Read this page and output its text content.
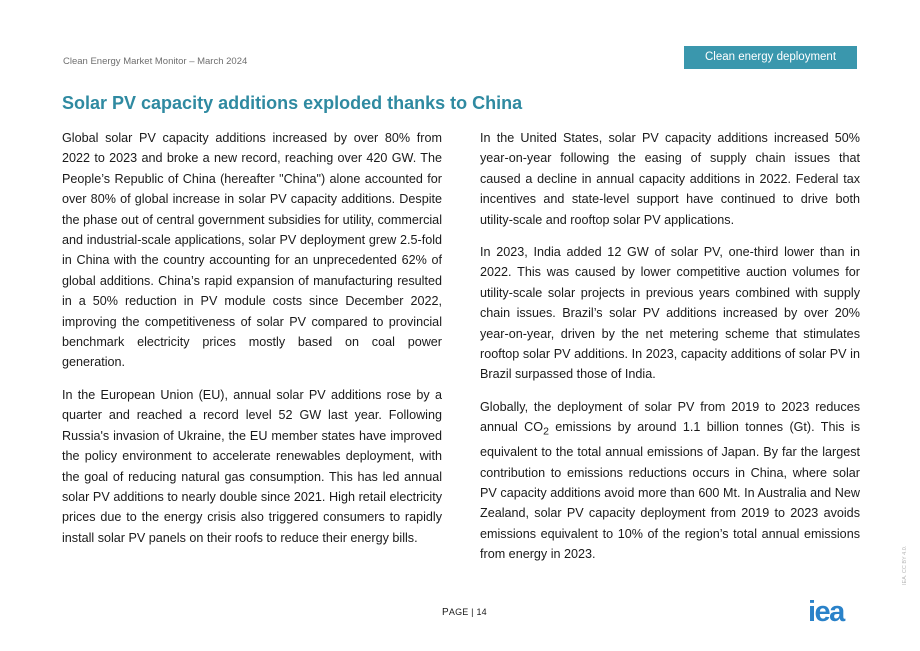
Clean Energy Market Monitor – March 2024	Clean energy deployment
Solar PV capacity additions exploded thanks to China

Global solar PV capacity additions increased by over 80% from 2022 to 2023 and broke a new record, reaching over 420 GW. The People’s Republic of China (hereafter "China") alone accounted for over 80% of global increase in solar PV capacity additions. Despite the phase out of central government subsidies for utility, commercial and industrial-scale applications, solar PV deployment grew 2.5-fold in China with the country accounting for an unprecedented 62% of global additions. China’s rapid expansion of manufacturing resulted in a 50% reduction in PV module costs since December 2022, improving the competitiveness of solar PV compared to provincial benchmark electricity prices mostly based on coal power generation.

In the European Union (EU), annual solar PV additions rose by a quarter and reached a record level 52 GW last year. Following Russia's invasion of Ukraine, the EU member states have improved the policy environment to accelerate renewables deployment, with the goal of reducing natural gas consumption. This has led annual solar PV additions to nearly double since 2021. High retail electricity prices due to the energy crisis also triggered consumers to rapidly install solar PV panels on their roofs to reduce their energy bills.

In the United States, solar PV capacity additions increased 50% year-on-year following the easing of supply chain issues that caused a decline in annual capacity additions in 2022. Federal tax incentives and state-level support have continued to drive both utility-scale and rooftop solar PV applications.

In 2023, India added 12 GW of solar PV, one-third lower than in 2022. This was caused by lower competitive auction volumes for utility-scale solar projects in previous years combined with supply chain issues. Brazil’s solar PV additions increased by over 20% year-on-year, driven by the net metering scheme that stimulates rooftop solar PV additions. In 2023, capacity additions of solar PV in Brazil surpassed those of India.

Globally, the deployment of solar PV from 2019 to 2023 reduces annual $CO_2$ emissions by around 1.1 billion tonnes (Gt). This is equivalent to the total annual emissions of Japan. By far the largest contribution to emissions reductions occurs in China, where solar PV capacity additions avoid more than 600 Mt. In Australia and New Zealand, solar PV capacity deployment from 2019 to 2023 avoids emissions equivalent to 10% of the region’s total annual emissions from energy in 2023.

PAGE | 14	iea
IEA. CC BY 4.0.
